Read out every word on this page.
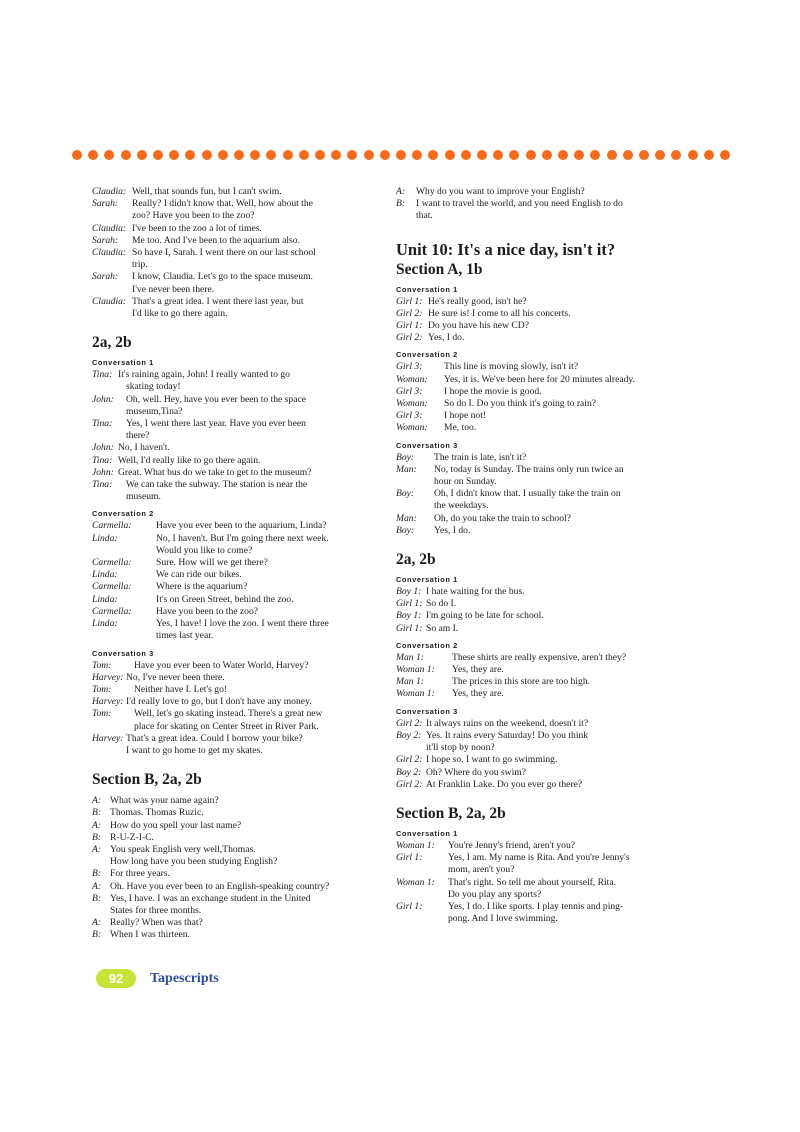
Claudia: Well, that sounds fun, but I can't swim.
Sarah:	Really? I didn't know that. Well, how about the
zoo? Have you been to the zoo?
Claudia: I've been to the zoo a lot of times.
Sarah:	Me too. And I've been to the aquarium also.
Claudia: So have I, Sarah. I went there on our last school
trip.
Sarah:	I know, Claudia. Let's go to the space museum.
I've never been there.
Claudia: That's a great idea. I went there last year, but
I'd like to go there again.
2a, 2b
Conversation 1
Tina: It's raining again, John! I really wanted to go
skating today!
John:	Oh, well. Hey, have you ever been to the space
museum,Tina?
Tina:	Yes, I went there last year. Have you ever been
there?
John: No, I haven't.
Tina: Well, I'd really like to go there again.
John: Great. What bus do we take to get to the museum?
Tina:	We can take the subway. The station is near the
museum.
Conversation 2
Carmella:	Have you ever been to the aquarium, Linda?
Linda:	No, I haven't. But I'm going there next week.
Would you like to come?
Carmella:	Sure. How will we get there?
Linda:	We can ride our bikes.
Carmella:	Where is the aquarium?
Linda:	It's on Green Street, behind the zoo.
Carmella:	Have you been to the zoo?
Linda:	Yes, I have! I love the zoo. I went there three
times last year.
Conversation 3
Tom:	Have you ever been to Water World, Harvey?
Harvey: No, I've never been there.
Tom:	Neither have I. Let's go!
Harvey: I'd really love to go, but I don't have any money.
Tom:	Well, let's go skating instead. There's a great new
place for skating on Center Street in River Park.
Harvey: That's a great idea. Could I borrow your bike?
I want to go home to get my skates.
Section B, 2a, 2b
A: What was your name again?
B: Thomas. Thomas Ruzic.
A: How do you spell your last name?
B: R-U-Z-I-C.
A: You speak English very well,Thomas.
How long have you been studying English?
B: For three years.
A: Oh. Have you ever been to an English-speaking country?
B: Yes, I have. I was an exchange student in the United
States for three months.
A: Really? When was that?
B: When I was thirteen.
A:	Why do you want to improve your English?
B:	I want to travel the world, and you need English to do
that.
Unit 10: It's a nice day, isn't it?
Section A, 1b
Conversation 1
Girl 1: He's really good, isn't he?
Girl 2: He sure is! I come to all his concerts.
Girl 1: Do you have his new CD?
Girl 2: Yes, I do.
Conversation 2
Girl 3:	This line is moving slowly, isn't it?
Woman:	Yes, it is. We've been here for 20 minutes already.
Girl 3:	I hope the movie is good.
Woman:	So do I. Do you think it's going to rain?
Girl 3:	I hope not!
Woman:	Me, too.
Conversation 3
Boy:	The train is late, isn't it?
Man:	No, today is Sunday. The trains only run twice an
hour on Sunday.
Boy:	Oh, I didn't know that. I usually take the train on
the weekdays.
Man:	Oh, do you take the train to school?
Boy:	Yes, I do.
2a, 2b
Conversation 1
Boy 1: I hate waiting for the bus.
Girl 1: So do I.
Boy 1: I'm going to be late for school.
Girl 1: So am I.
Conversation 2
Man 1:	These shirts are really expensive, aren't they?
Woman 1:	Yes, they are.
Man 1:	The prices in this store are too high.
Woman 1:	Yes, they are.
Conversation 3
Girl 2: It always rains on the weekend, doesn't it?
Boy 2: Yes. It rains every Saturday! Do you think
it'll stop by noon?
Girl 2: I hope so. I want to go swimming.
Boy 2: Oh? Where do you swim?
Girl 2: At Franklin Lake. Do you ever go there?
Section B, 2a, 2b
Conversation 1
Woman 1:	You're Jenny's friend, aren't you?
Girl 1:	Yes, I am. My name is Rita. And you're Jenny's
mom, aren't you?
Woman 1:	That's right. So tell me about yourself, Rita.
Do you play any sports?
Girl 1:	Yes, I do. I like sports. I play tennis and ping-
pong. And I love swimming.
92	Tapescripts
